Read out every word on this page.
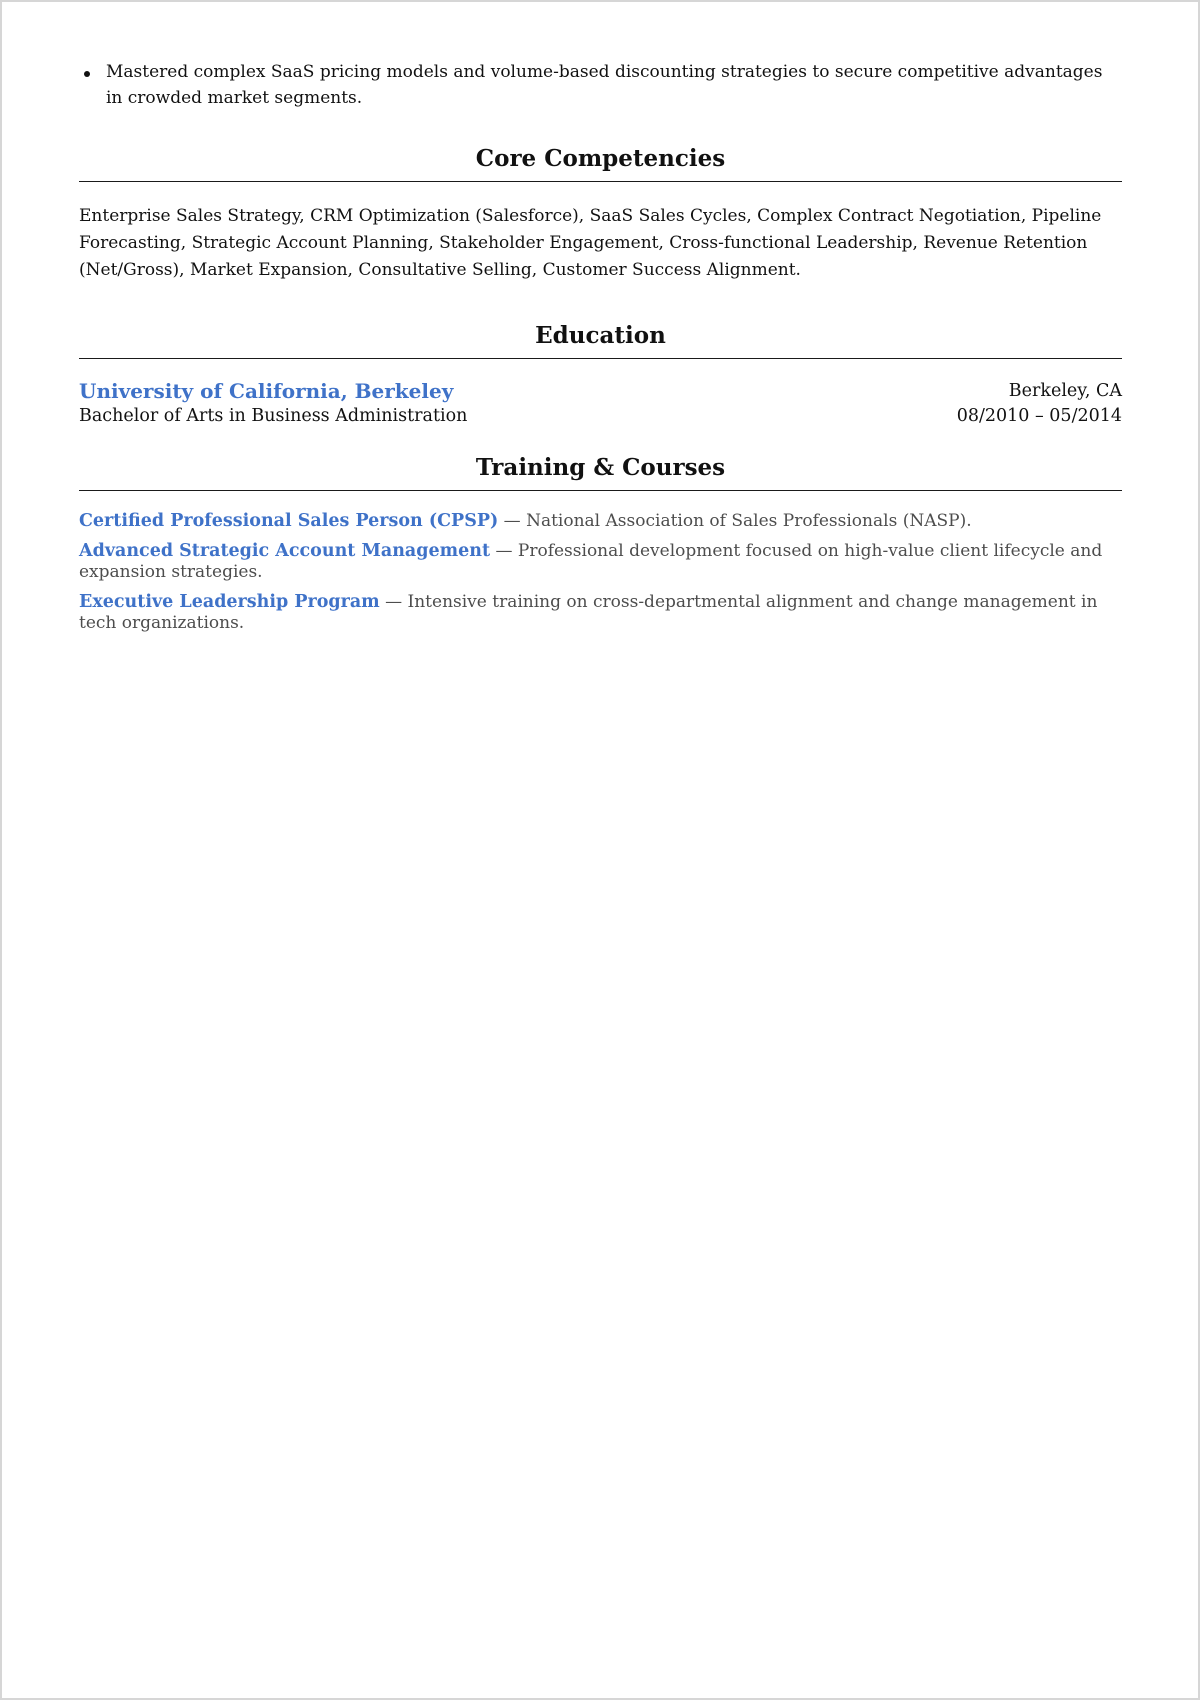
Mastered complex SaaS pricing models and volume-based discounting strategies to secure competitive advantages in crowded market segments.
Core Competencies

Enterprise Sales Strategy, CRM Optimization (Salesforce), SaaS Sales Cycles, Complex Contract Negotiation, Pipeline Forecasting, Strategic Account Planning, Stakeholder Engagement, Cross-functional Leadership, Revenue Retention (Net/Gross), Market Expansion, Consultative Selling, Customer Success Alignment.

Education
University of California, Berkeley
Bachelor of Arts in Business Administration
Berkeley, CA
08/2010 – 05/2014
Training & Courses
Certified Professional Sales Person (CPSP) — National Association of Sales Professionals (NASP).
Advanced Strategic Account Management — Professional development focused on high-value client lifecycle and expansion strategies.
Executive Leadership Program — Intensive training on cross-departmental alignment and change management in tech organizations.
